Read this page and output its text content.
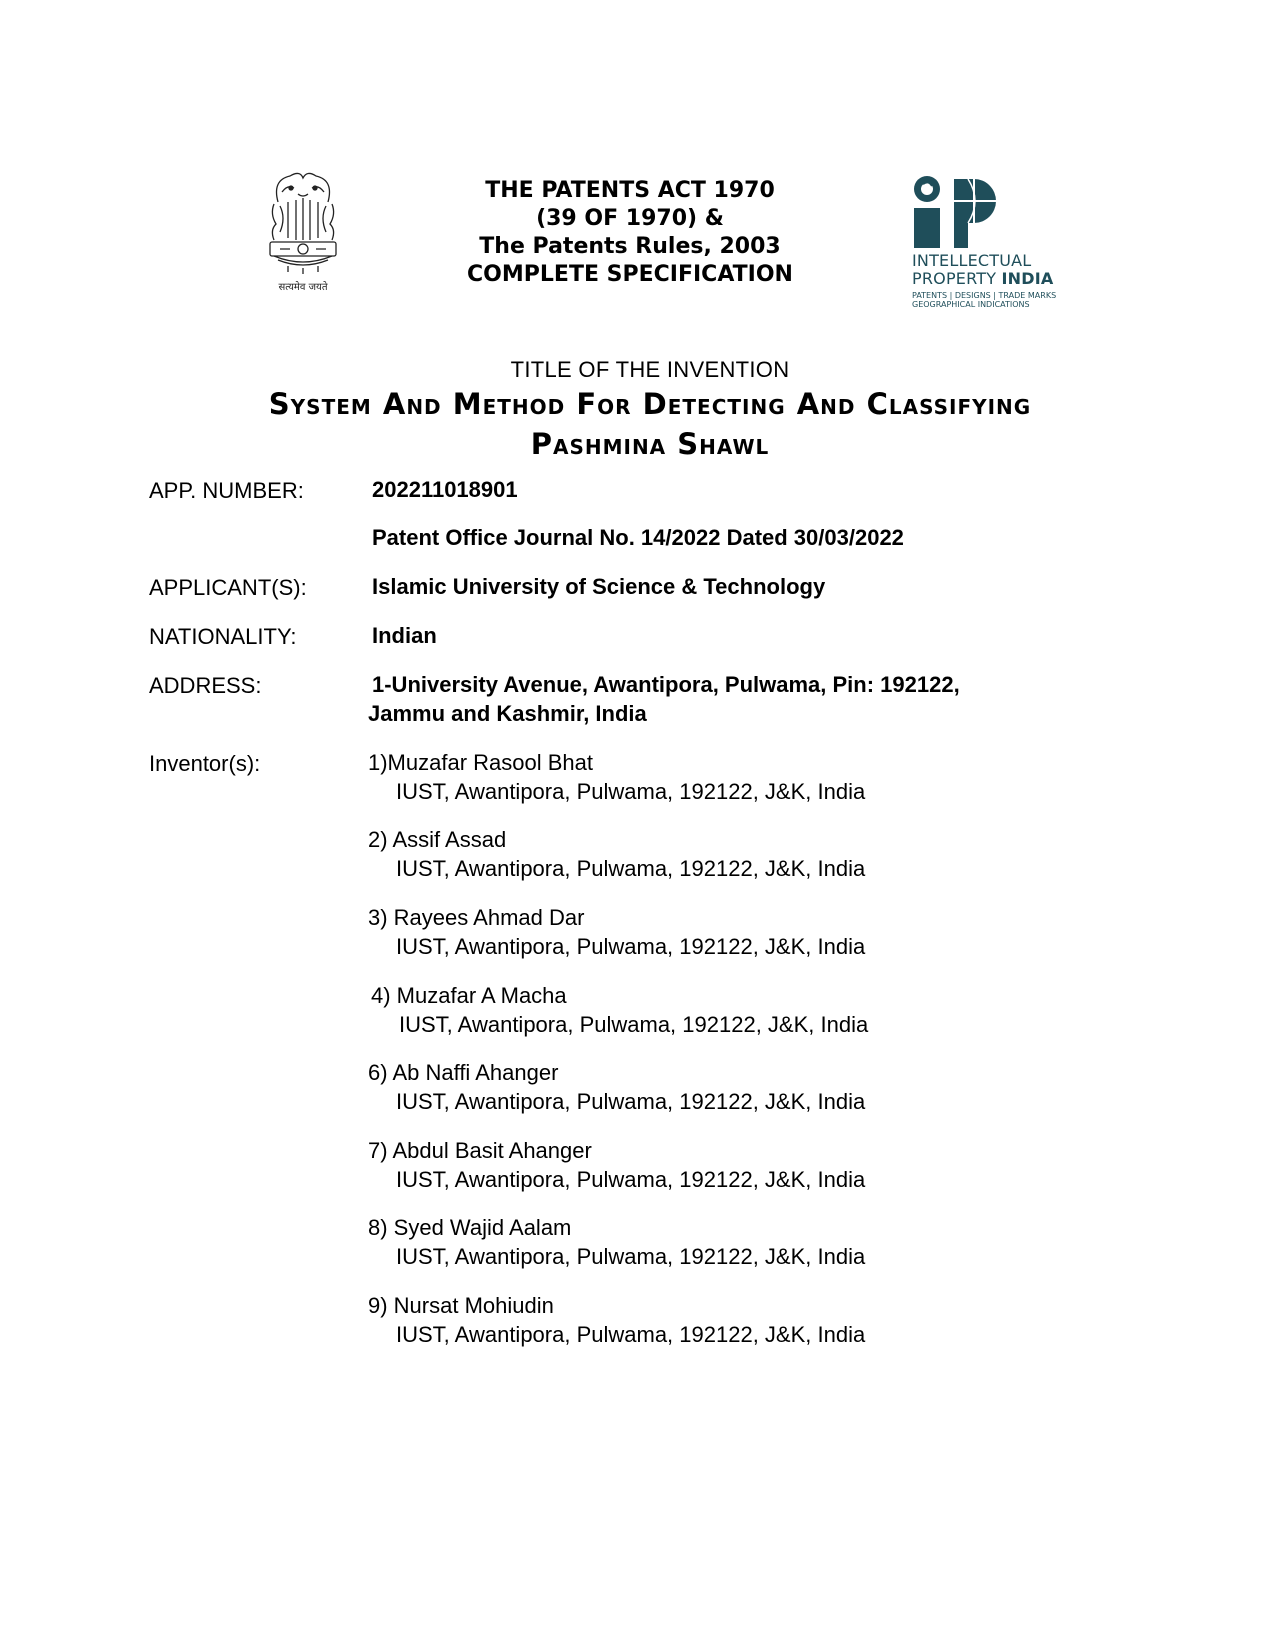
सत्यमेव जयते
THE PATENTS ACT 1970
(39 OF 1970) &
The Patents Rules, 2003
COMPLETE SPECIFICATION
INTELLECTUAL
PROPERTY INDIA
PATENTS | DESIGNS | TRADE MARKS
GEOGRAPHICAL INDICATIONS
TITLE OF THE INVENTION
System And Method For Detecting And Classifying
Pashmina Shawl
APP. NUMBER:	202211018901
Patent Office Journal No. 14/2022 Dated 30/03/2022
APPLICANT(S):	Islamic University of Science & Technology
NATIONALITY:	Indian
ADDRESS:	1-University Avenue, Awantipora, Pulwama, Pin: 192122,
Jammu and Kashmir, India
Inventor(s):	1)Muzafar Rasool Bhat
IUST, Awantipora, Pulwama, 192122, J&K, India
2) Assif Assad
IUST, Awantipora, Pulwama, 192122, J&K, India
3) Rayees Ahmad Dar
IUST, Awantipora, Pulwama, 192122, J&K, India
4) Muzafar A Macha
IUST, Awantipora, Pulwama, 192122, J&K, India
6) Ab Naffi Ahanger
IUST, Awantipora, Pulwama, 192122, J&K, India
7) Abdul Basit Ahanger
IUST, Awantipora, Pulwama, 192122, J&K, India
8) Syed Wajid Aalam
IUST, Awantipora, Pulwama, 192122, J&K, India
9) Nursat Mohiudin
IUST, Awantipora, Pulwama, 192122, J&K, India
